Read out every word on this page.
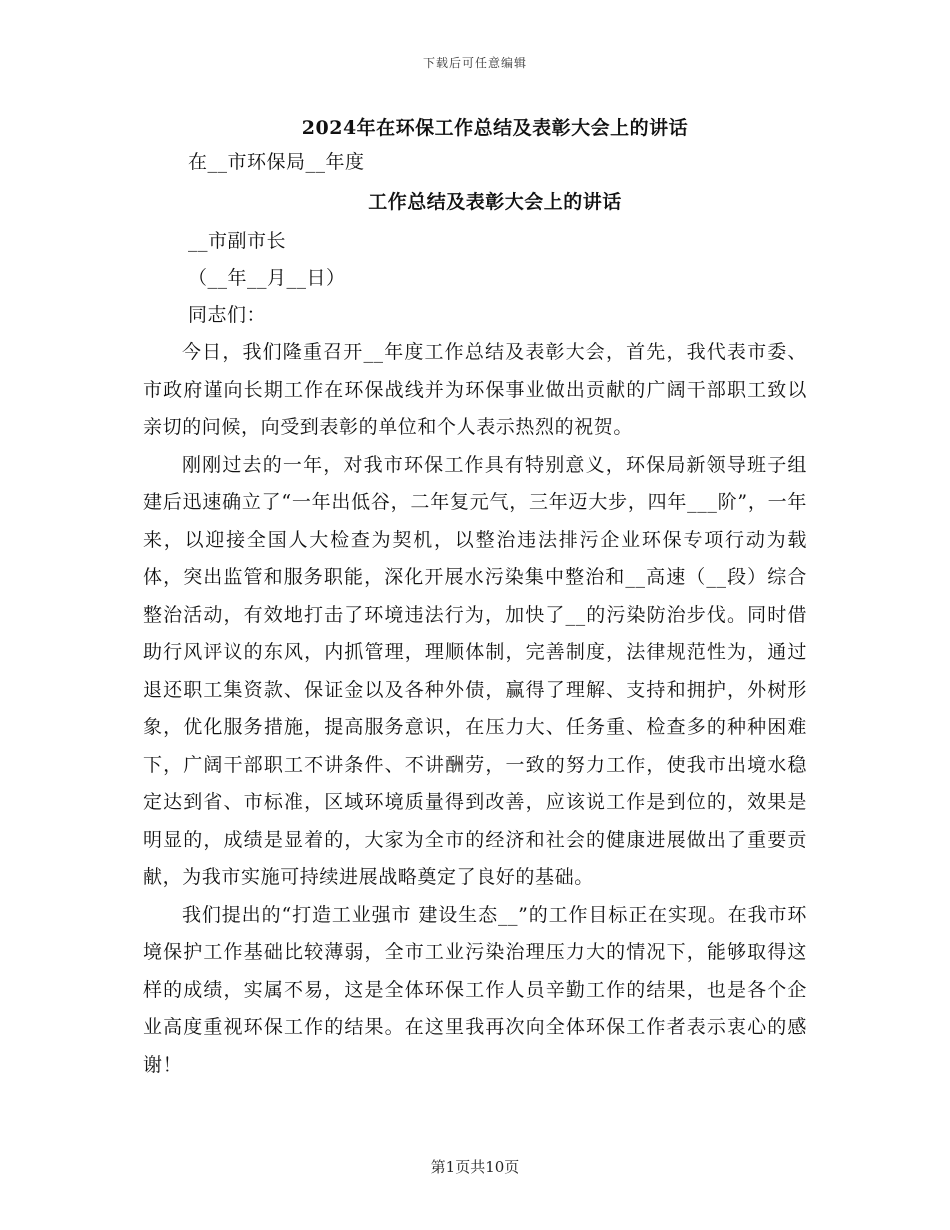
下载后可任意编辑
2024年在环保工作总结及表彰大会上的讲话
在__市环保局__年度
工作总结及表彰大会上的讲话
__市副市长
（__年__月__日）
同志们：

今日，我们隆重召开__年度工作总结及表彰大会，首先，我代表市委、市政府谨向长期工作在环保战线并为环保事业做出贡献的广阔干部职工致以亲切的问候，向受到表彰的单位和个人表示热烈的祝贺。

刚刚过去的一年，对我市环保工作具有特别意义，环保局新领导班子组建后迅速确立了“一年出低谷，二年复元气，三年迈大步，四年___阶”，一年来，以迎接全国人大检查为契机，以整治违法排污企业环保专项行动为载体，突出监管和服务职能，深化开展水污染集中整治和__高速（__段）综合整治活动，有效地打击了环境违法行为，加快了__的污染防治步伐。同时借助行风评议的东风，内抓管理，理顺体制，完善制度，法律规范性为，通过退还职工集资款、保证金以及各种外债，赢得了理解、支持和拥护，外树形象，优化服务措施，提高服务意识，在压力大、任务重、检查多的种种困难下，广阔干部职工不讲条件、不讲酬劳，一致的努力工作，使我市出境水稳定达到省、市标准，区域环境质量得到改善，应该说工作是到位的，效果是明显的，成绩是显着的，大家为全市的经济和社会的健康进展做出了重要贡献，为我市实施可持续进展战略奠定了良好的基础。

我们提出的“打造工业强市 建设生态__”的工作目标正在实现。在我市环境保护工作基础比较薄弱，全市工业污染治理压力大的情况下，能够取得这样的成绩，实属不易，这是全体环保工作人员辛勤工作的结果，也是各个企业高度重视环保工作的结果。在这里我再次向全体环保工作者表示衷心的感谢！

第1页共10页
